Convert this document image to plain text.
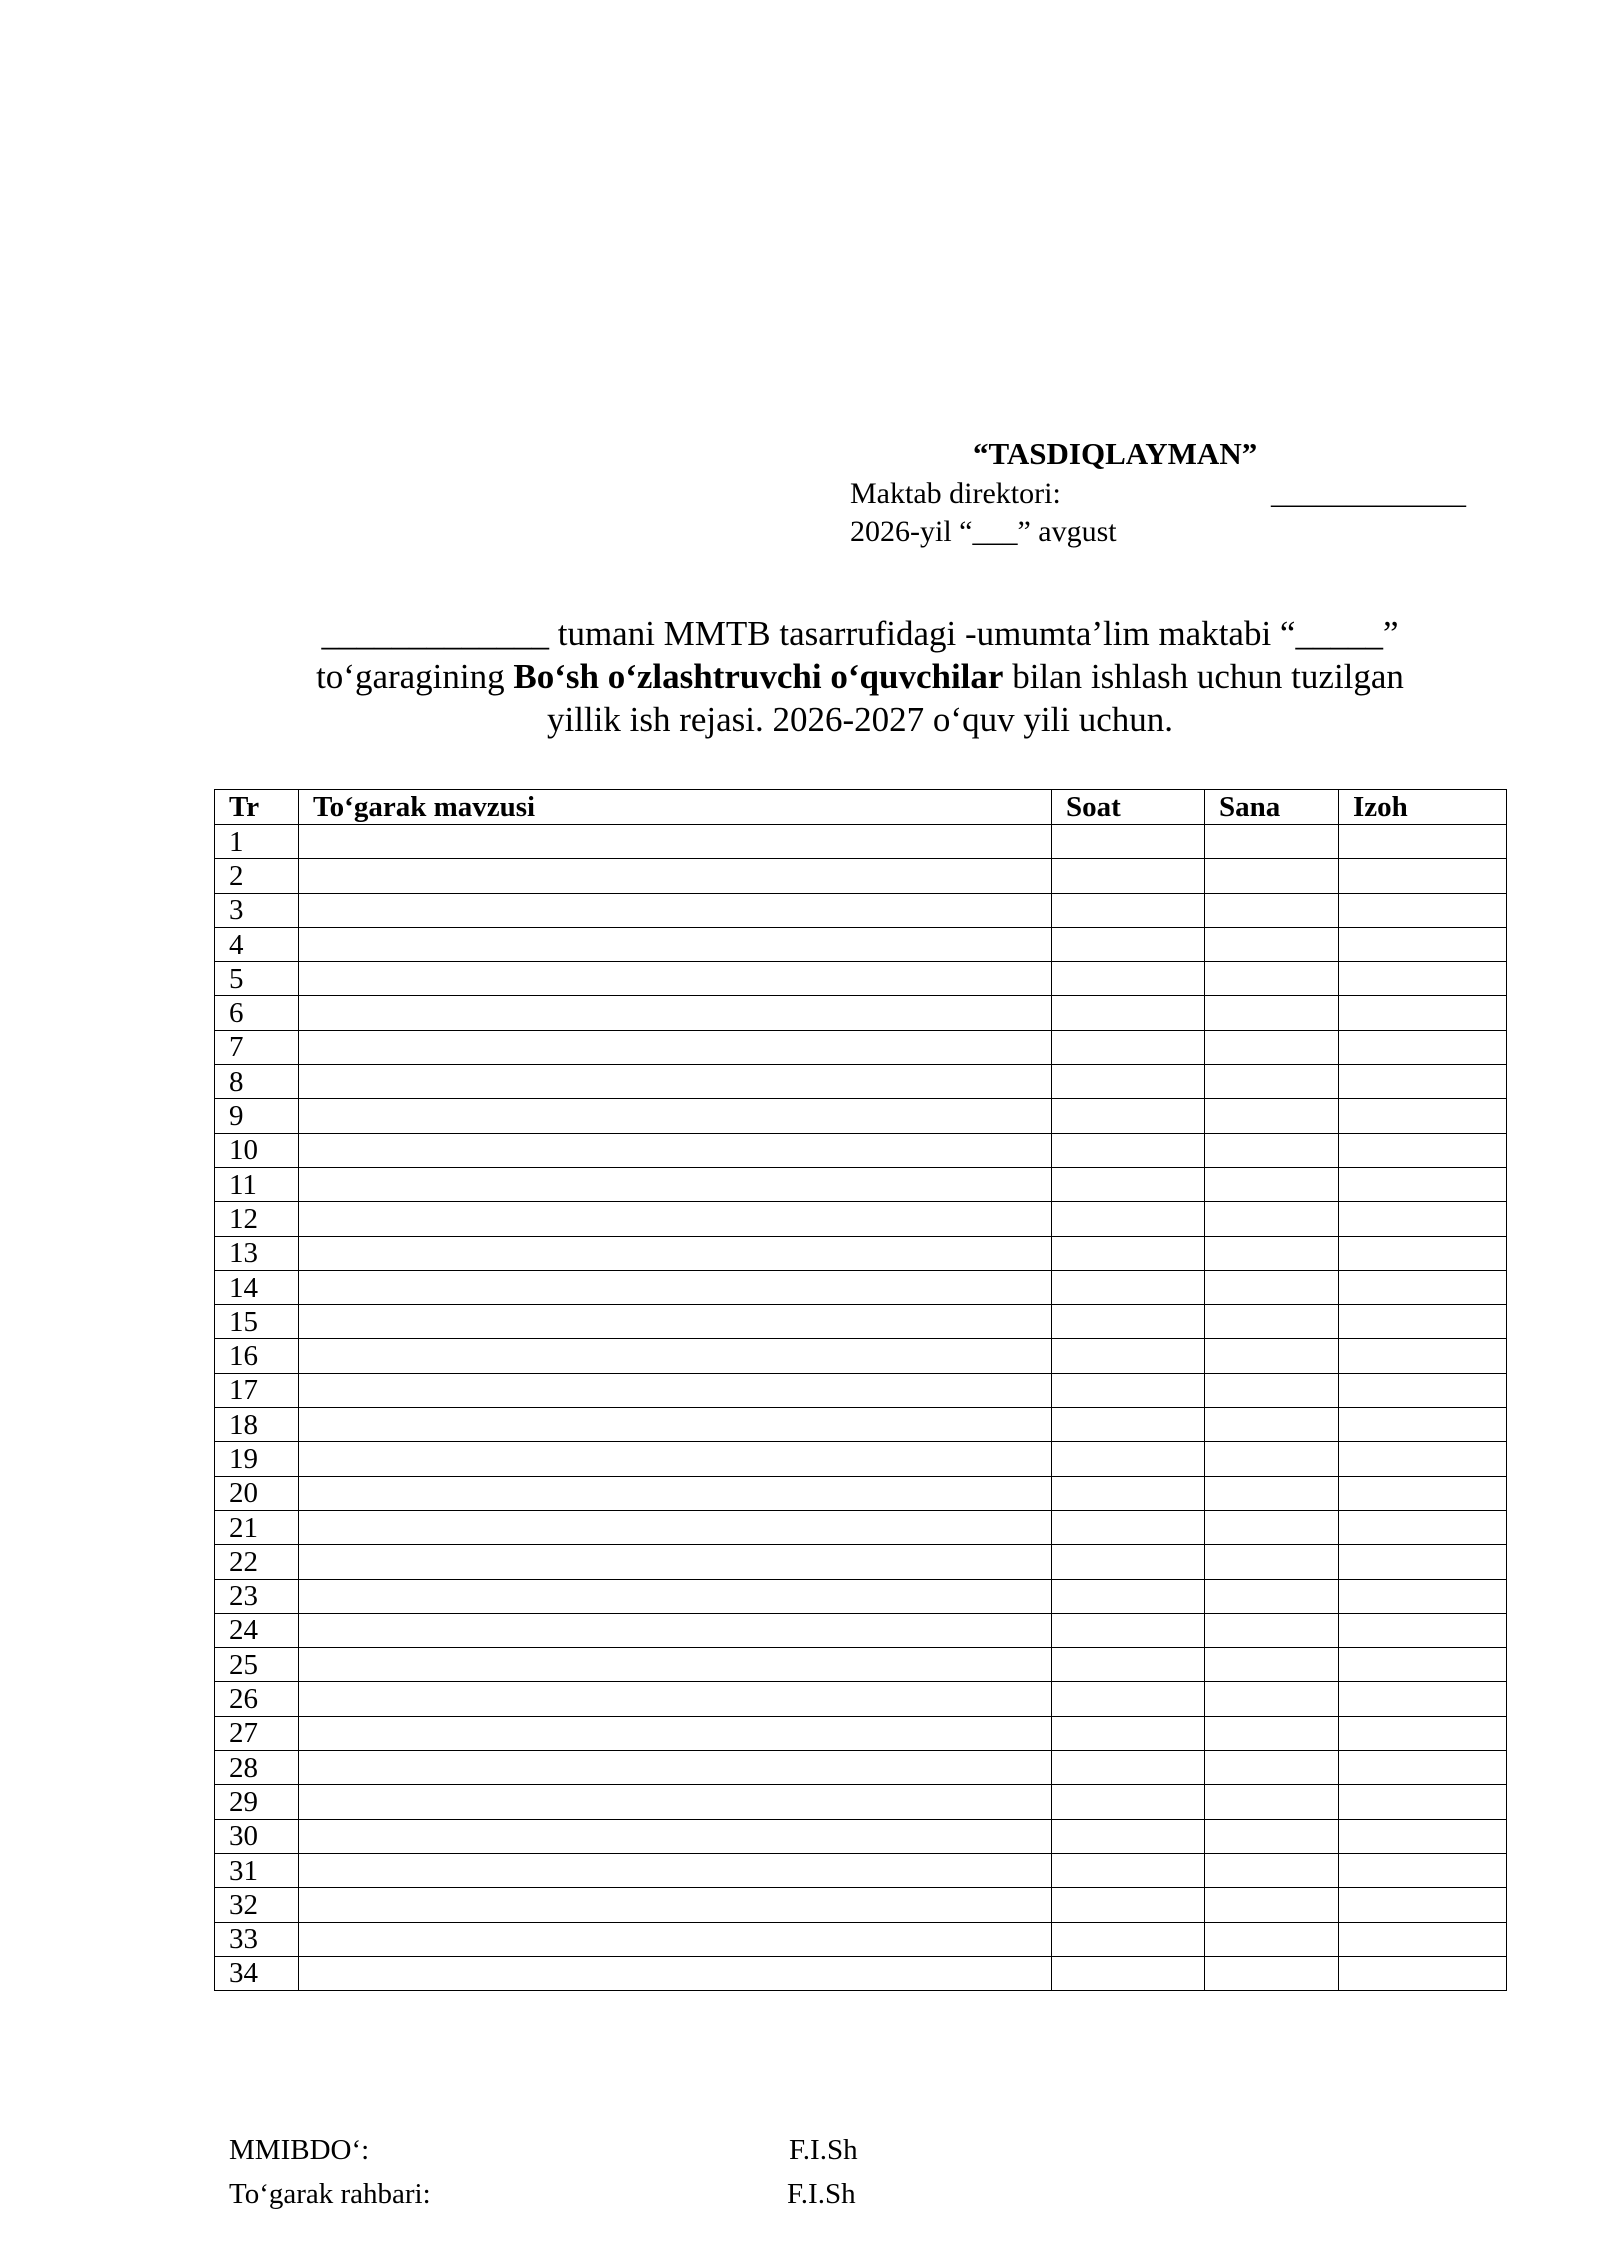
“TASDIQLAYMAN”
Maktab direktori:	_____________
2026-yil “___” avgust
_____________ tumani MMTB tasarrufidagi -umumta’lim maktabi “_____”
to‘garagining Bo‘sh o‘zlashtruvchi o‘quvchilar bilan ishlash uchun tuzilgan
yillik ish rejasi. 2026-2027 o‘quv yili uchun.
Tr	To‘garak mavzusi	Soat	Sana	Izoh
1				
2				
3				
4				
5				
6				
7				
8				
9				
10				
11				
12				
13				
14				
15				
16				
17				
18				
19				
20				
21				
22				
23				
24				
25				
26				
27				
28				
29				
30				
31				
32				
33				
34				
MMIBDO‘:	F.I.Sh
To‘garak rahbari:	F.I.Sh
